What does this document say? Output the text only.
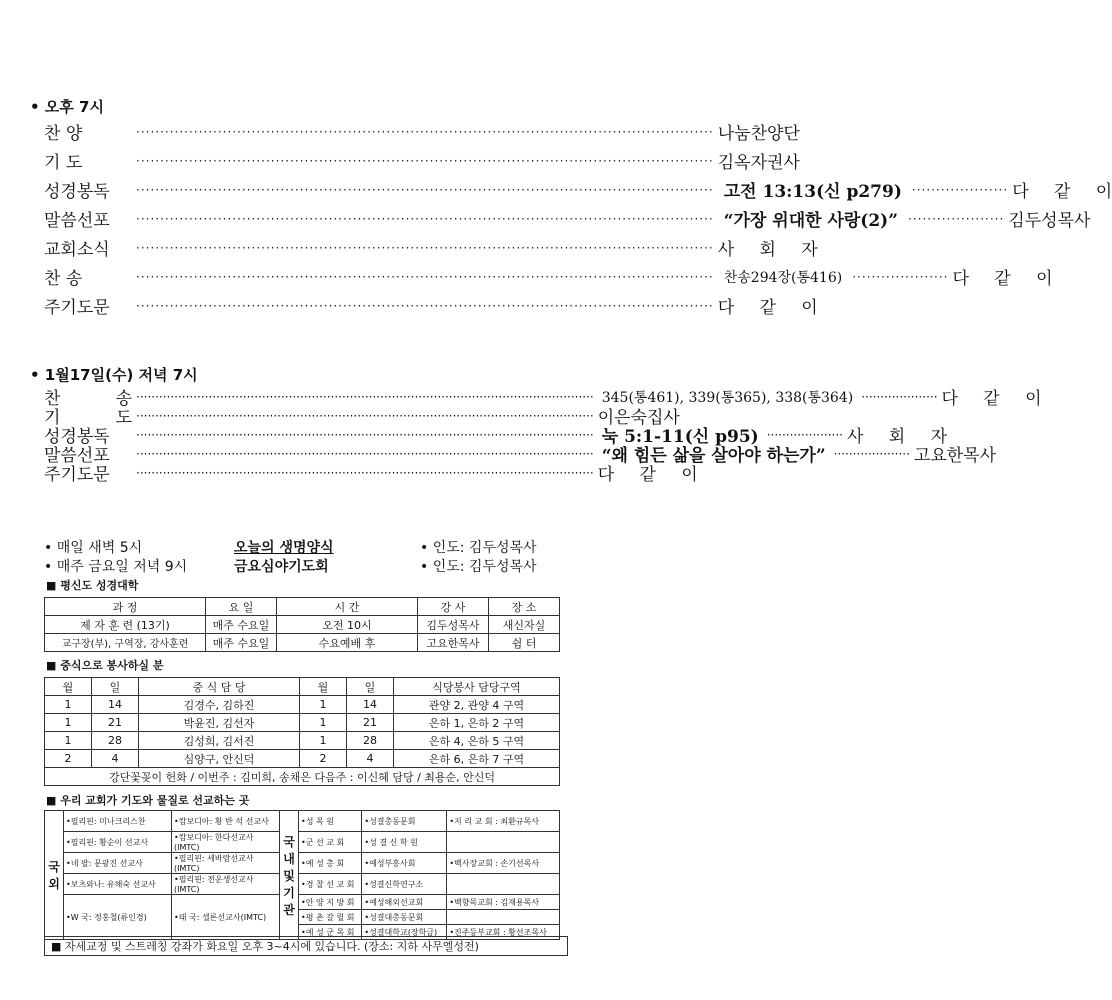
• 오후 7시
찬 양	························································································································ 나눔찬양단
기 도	························································································································ 김옥자권사
성경봉독	························································································································ 고전 13:13(신 p279) ···················· 다 같 이
말씀선포	························································································································ “가장 위대한 사랑(2)” ···················· 김두성목사
교회소식	························································································································ 사 회 자
찬 송	························································································································ 찬송294장(통416) ···················· 다 같 이
주기도문	························································································································ 다 같 이
• 1월17일(수) 저녁 7시
찬 송 ························································································································ 345(통461), 339(통365), 338(통364) ···················· 다 같 이
기 도 ························································································································ 이은숙집사
성경봉독	························································································································ 눅 5:1-11(신 p95) ···················· 사 회 자
말씀선포	························································································································ “왜 힘든 삶을 살아야 하는가” ···················· 고요한목사
주기도문	························································································································ 다 같 이
• 매일 새벽 5시	오늘의 생명양식	• 인도: 김두성목사
• 매주 금요일 저녁 9시	금요심야기도회	• 인도: 김두성목사
■ 평신도 성경대학
과 정	요 일	시 간	강 사	장 소
제 자 훈 련 (13기)	매주 수요일	오전 10시	김두성목사	새신자실
교구장(부), 구역장, 강사훈련	매주 수요일	수요예배 후	고요한목사	쉼 터
■ 중식으로 봉사하실 분
월	일	중 식 담 당	월	일	식당봉사 담당구역
1	14	김경수, 김하진	1	14	관양 2, 관양 4 구역
1	21	박윤진, 김선자	1	21	은하 1, 은하 2 구역
1	28	김성희, 김서진	1	28	은하 4, 은하 5 구역
2	4	심양구, 안신덕	2	4	은하 6, 은하 7 구역
강단꽃꽂이 헌화 / 이번주 : 김미희, 송채은 다음주 : 이신혜 담당 / 최용순, 안신덕					
■ 우리 교회가 기도와 물질로 선교하는 곳
국 외	•필리핀: 미나크리스찬	•캄보디아: 황 반 석 선교사	국 내 및 기 관	•성 목 원	•성결총동문회	•지 리 교 회 : 최환규목사
	•필리핀: 황순이 선교사	•캄보디아: 한다선교사(IMTC)		•군 선 교 회	•성 결 신 학 원	
	•네 팔: 문광진 선교사	•필리핀: 세바람선교사(IMTC)		•예 성 총 회	•예성부흥사회	•백사장교회 : 손기선목사
	•보츠와나: 유해숙 선교사	•필리핀: 전운생선교사(IMTC)		•경 찰 선 교 회	•성결신학연구소	
	•W 국: 정홍철(류인경)	•태 국: 셀론선교사(IMTC)		•안 양 지 방 회	•예성해외선교회	•백향목교회 : 김재용목사
				•평 촌 갈 릴 회	•성결대총동문회	
				•예 성 군 목 회	•성결대학교(장학금)	•진주등부교회 : 황선조목사
■ 자세교정 및 스트레칭 강좌가 화요일 오후 3~4시에 있습니다. (장소: 지하 사무엘성전)
